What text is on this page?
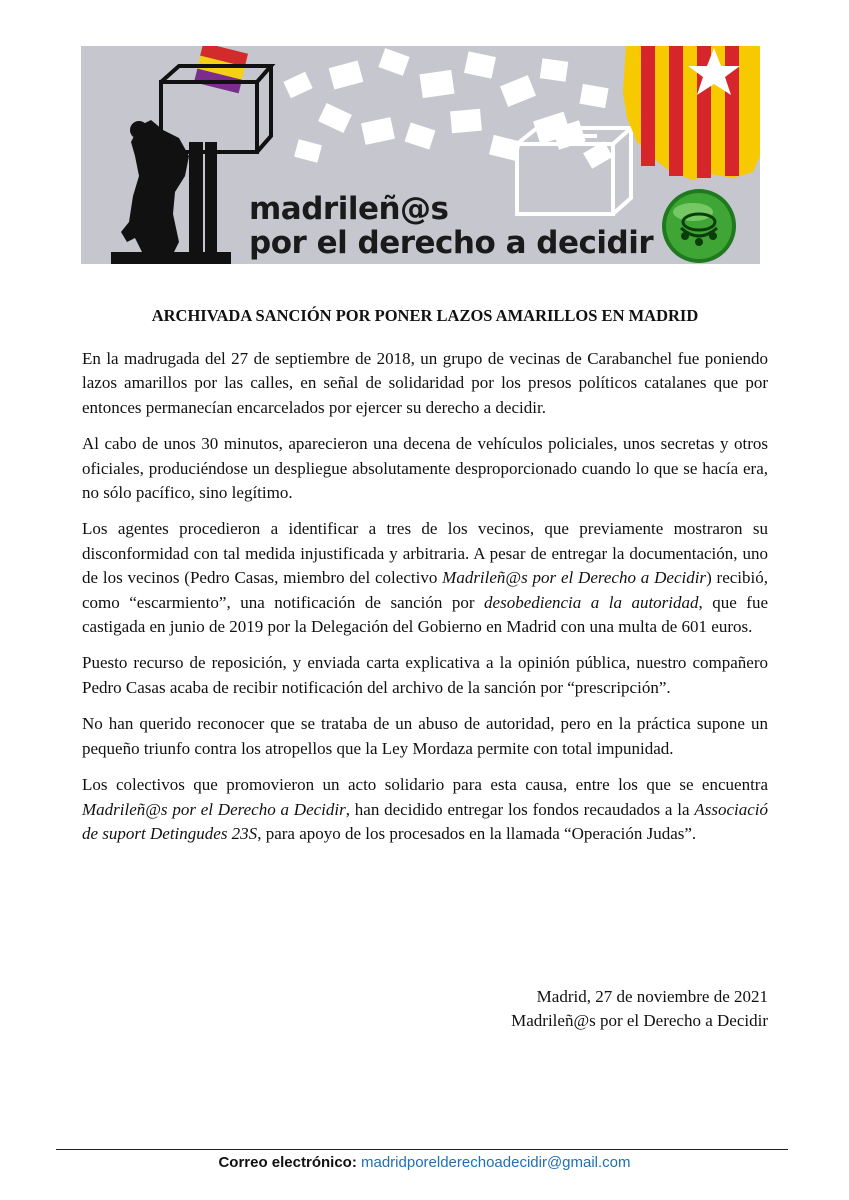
madrileñ@s
por el derecho a decidir
ARCHIVADA SANCIÓN POR PONER LAZOS AMARILLOS EN MADRID

En la madrugada del 27 de septiembre de 2018, un grupo de vecinas de Carabanchel fue poniendo lazos amarillos por las calles, en señal de solidaridad por los presos políticos catalanes que por entonces permanecían encarcelados por ejercer su derecho a decidir.

Al cabo de unos 30 minutos, aparecieron una decena de vehículos policiales, unos secretas y otros oficiales, produciéndose un despliegue absolutamente desproporcionado cuando lo que se hacía era, no sólo pacífico, sino legítimo.

Los agentes procedieron a identificar a tres de los vecinos, que previamente mostraron su disconformidad con tal medida injustificada y arbitraria. A pesar de entregar la documentación, uno de los vecinos (Pedro Casas, miembro del colectivo Madrileñ@s por el Derecho a Decidir) recibió, como “escarmiento”, una notificación de sanción por desobediencia a la autoridad, que fue castigada en junio de 2019 por la Delegación del Gobierno en Madrid con una multa de 601 euros.

Puesto recurso de reposición, y enviada carta explicativa a la opinión pública, nuestro compañero Pedro Casas acaba de recibir notificación del archivo de la sanción por “prescripción”.

No han querido reconocer que se trataba de un abuso de autoridad, pero en la práctica supone un pequeño triunfo contra los atropellos que la Ley Mordaza permite con total impunidad.

Los colectivos que promovieron un acto solidario para esta causa, entre los que se encuentra Madrileñ@s por el Derecho a Decidir, han decidido entregar los fondos recaudados a la Associació de suport Detingudes 23S, para apoyo de los procesados en la llamada “Operación Judas”.

Madrid, 27 de noviembre de 2021
Madrileñ@s por el Derecho a Decidir
Correo electrónico: madridporelderechoadecidir@gmail.com
